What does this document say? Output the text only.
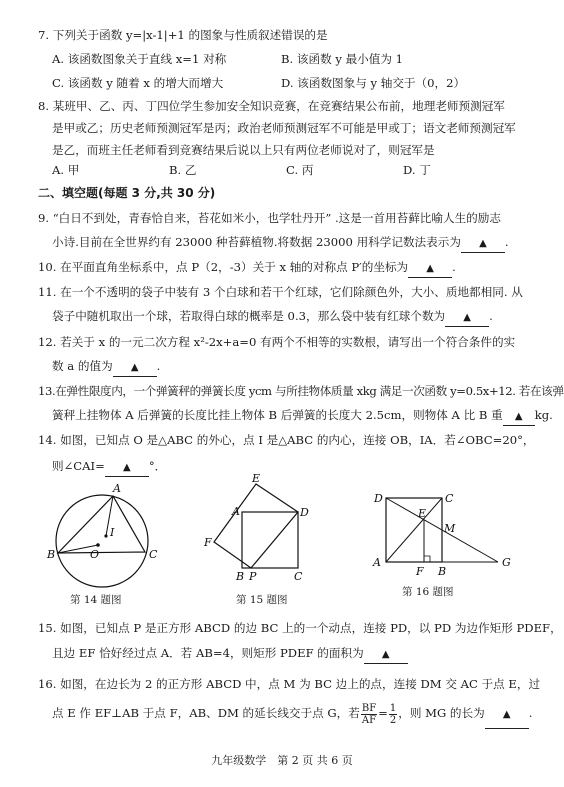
7. 下列关于函数 y=|x-1|+1 的图象与性质叙述错误的是
A. 该函数图象关于直线 x=1 对称	B. 该函数 y 最小值为 1
C. 该函数 y 随着 x 的增大而增大	D. 该函数图象与 y 轴交于（0，2）
8. 某班甲、乙、丙、丁四位学生参加安全知识竞赛，在竞赛结果公布前，地理老师预测冠军
是甲或乙；历史老师预测冠军是丙；政治老师预测冠军不可能是甲或丁；语文老师预测冠军
是乙，而班主任老师看到竞赛结果后说以上只有两位老师说对了，则冠军是
A. 甲	B. 乙	C. 丙	D. 丁
二、填空题(每题 3 分,共 30 分)
9. “白日不到处，青春恰自来，苔花如米小，也学牡丹开” .这是一首用苔藓比喻人生的励志
小诗.目前在全世界约有 23000 种苔藓植物.将数据 23000 用科学记数法表示为 ▲ .
10. 在平面直角坐标系中，点 P（2，-3）关于 x 轴的对称点 P′的坐标为 ▲ .
11. 在一个不透明的袋子中装有 3 个白球和若干个红球，它们除颜色外，大小、质地都相同. 从
袋子中随机取出一个球，若取得白球的概率是 0.3，那么袋中装有红球个数为 ▲ .
12. 若关于 x 的一元二次方程 x²-2x+a=0 有两个不相等的实数根，请写出一个符合条件的实
数 a 的值为 ▲ .
13.在弹性限度内，一个弹簧秤的弹簧长度 ycm 与所挂物体质量 xkg 满足一次函数 y=0.5x+12. 若在该弹
簧秤上挂物体 A 后弹簧的长度比挂上物体 B 后弹簧的长度大 2.5cm，则物体 A 比 B 重 ▲ kg.
14. 如图，已知点 O 是△ABC 的外心，点 I 是△ABC 的内心，连接 OB，IA．若∠OBC=20°，
则∠CAI= ▲ °．
A
I
O
B	C
第 14 题图
E
A	D
F
B P	C
第 15 题图
D
E
C
M
A
F B
G
第 16 题图
15. 如图，已知点 P 是正方形 ABCD 的边 BC 上的一个动点，连接 PD，以 PD 为边作矩形 PDEF，
且边 EF 恰好经过点 A．若 AB=4，则矩形 PDEF 的面积为 ▲
16. 如图，在边长为 2 的正方形 ABCD 中，点 M 为 BC 边上的点，连接 DM 交 AC 于点 E，过
点 E 作 EF⊥AB 于点 F，AB、DM 的延长线交于点 G，若 $\frac{BF}{AF} = \frac{1}{2}$ ，则 MG 的长为 ▲ .
九年级数学　第 2 页 共 6 页
